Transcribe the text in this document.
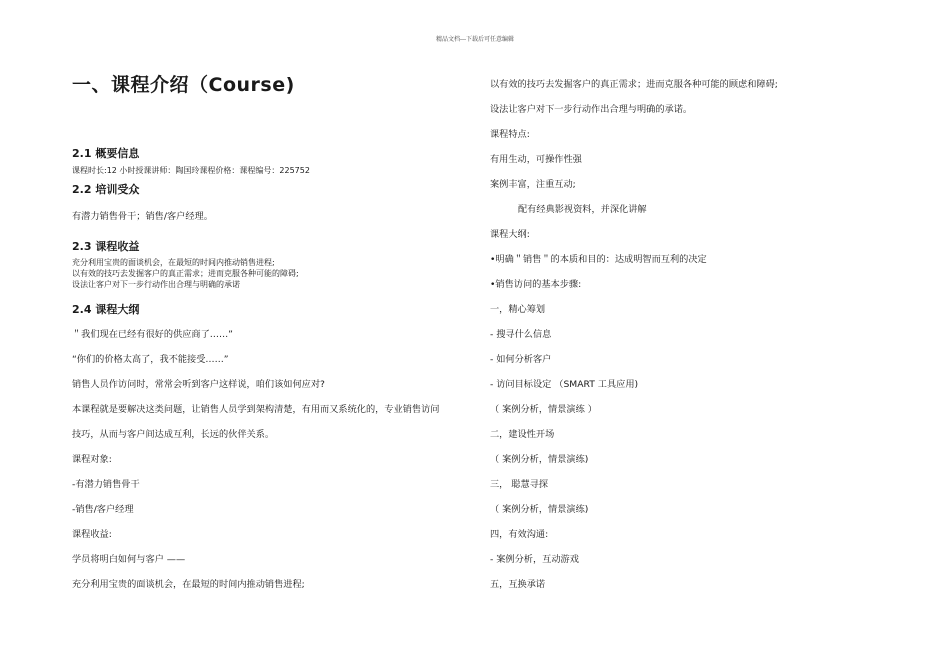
精品文档---下载后可任意编辑
一、课程介绍（Course)
2.1 概要信息
课程时长:12 小时授课讲师：陶国玲课程价格：课程编号：225752
2.2 培训受众
有潜力销售骨干；销售/客户经理。
2.3 课程收益
充分利用宝贵的面谈机会，在最短的时间内推动销售进程;
以有效的技巧去发掘客户的真正需求；进而克服各种可能的障碍;
设法让客户对下一步行动作出合理与明确的承诺
2.4 课程大纲
＂我们现在已经有很好的供应商了……”
“你们的价格太高了，我不能接受……”
销售人员作访问时，常常会听到客户这样说，咱们该如何应对?
本课程就是要解决这类问题，让销售人员学到架构清楚，有用而又系统化的，专业销售访问
技巧，从而与客户间达成互利，长远的伙伴关系。
课程对象:
-有潜力销售骨干
-销售/客户经理
课程收益:
学员将明白如何与客户 ——
充分利用宝贵的面谈机会，在最短的时间内推动销售进程;
以有效的技巧去发掘客户的真正需求；进而克服各种可能的顾虑和障碍;
设法让客户对下一步行动作出合理与明确的承诺。
课程特点:
有用生动，可操作性强
案例丰富，注重互动;
配有经典影视资料，并深化讲解
课程大纲:
•明确＂销售＂的本质和目的：达成明智而互利的决定
•销售访问的基本步骤:
一，精心筹划
- 搜寻什么信息
- 如何分析客户
- 访问目标设定 （SMART 工具应用)
（ 案例分析，情景演练 ）
二，建设性开场
（ 案例分析，情景演练)
三， 聪慧寻探
（ 案例分析，情景演练)
四，有效沟通:
- 案例分析，互动游戏
五，互换承诺
